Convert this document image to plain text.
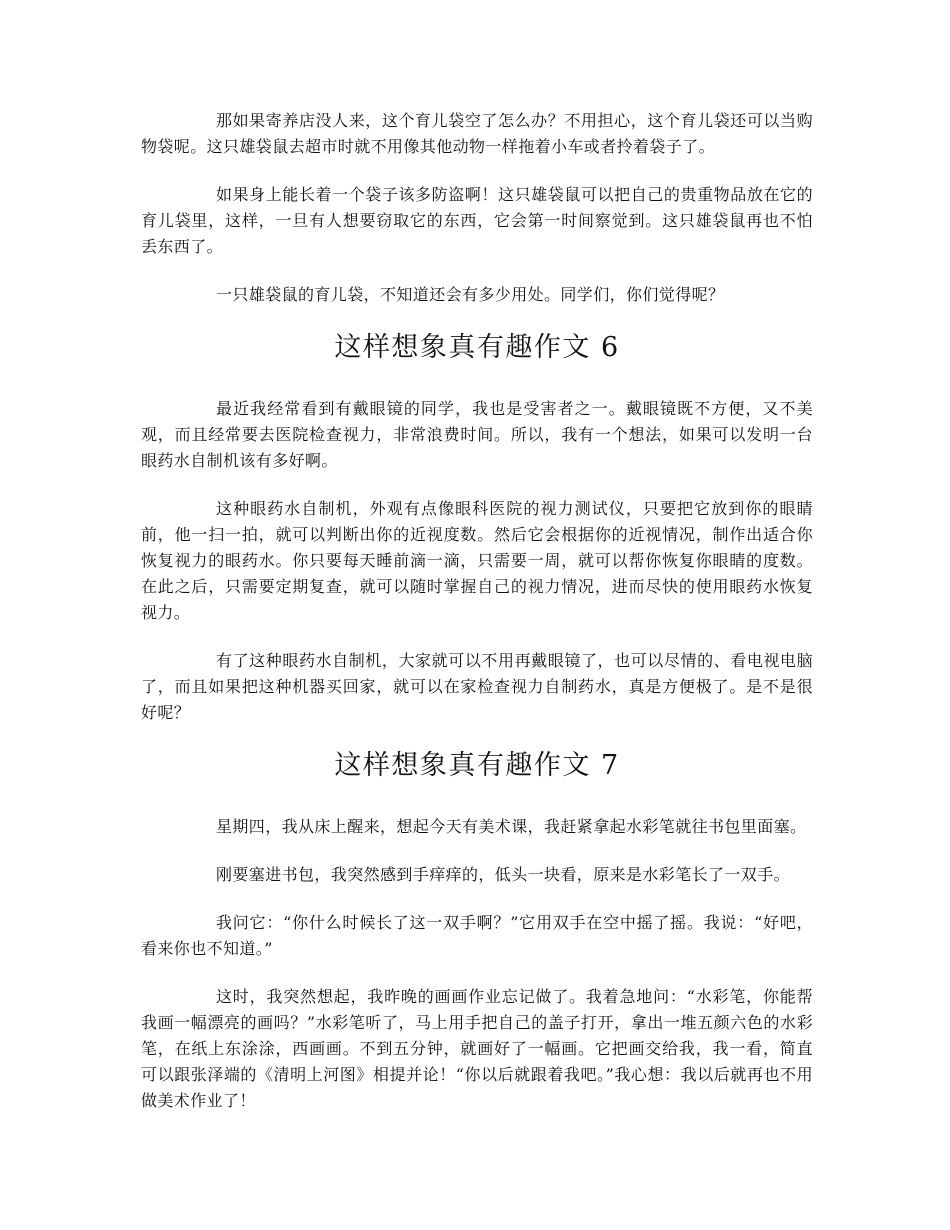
那如果寄养店没人来，这个育儿袋空了怎么办？不用担心，这个育儿袋还可以当购物袋呢。这只雄袋鼠去超市时就不用像其他动物一样拖着小车或者拎着袋子了。

如果身上能长着一个袋子该多防盗啊！这只雄袋鼠可以把自己的贵重物品放在它的育儿袋里，这样，一旦有人想要窃取它的东西，它会第一时间察觉到。这只雄袋鼠再也不怕丢东西了。

一只雄袋鼠的育儿袋，不知道还会有多少用处。同学们，你们觉得呢？

这样想象真有趣作文 6

最近我经常看到有戴眼镜的同学，我也是受害者之一。戴眼镜既不方便，又不美观，而且经常要去医院检查视力，非常浪费时间。所以，我有一个想法，如果可以发明一台眼药水自制机该有多好啊。

这种眼药水自制机，外观有点像眼科医院的视力测试仪，只要把它放到你的眼睛前，他一扫一拍，就可以判断出你的近视度数。然后它会根据你的近视情况，制作出适合你恢复视力的眼药水。你只要每天睡前滴一滴，只需要一周，就可以帮你恢复你眼睛的度数。在此之后，只需要定期复查，就可以随时掌握自己的视力情况，进而尽快的使用眼药水恢复视力。

有了这种眼药水自制机，大家就可以不用再戴眼镜了，也可以尽情的、看电视电脑了，而且如果把这种机器买回家，就可以在家检查视力自制药水，真是方便极了。是不是很好呢？

这样想象真有趣作文 7

星期四，我从床上醒来，想起今天有美术课，我赶紧拿起水彩笔就往书包里面塞。

刚要塞进书包，我突然感到手痒痒的，低头一块看，原来是水彩笔长了一双手。

我问它：“你什么时候长了这一双手啊？”它用双手在空中摇了摇。我说：“好吧，看来你也不知道。”

这时，我突然想起，我昨晚的画画作业忘记做了。我着急地问：“水彩笔，你能帮我画一幅漂亮的画吗？”水彩笔听了，马上用手把自己的盖子打开，拿出一堆五颜六色的水彩笔，在纸上东涂涂，西画画。不到五分钟，就画好了一幅画。它把画交给我，我一看，简直可以跟张泽端的《清明上河图》相提并论！“你以后就跟着我吧。”我心想：我以后就再也不用做美术作业了！
